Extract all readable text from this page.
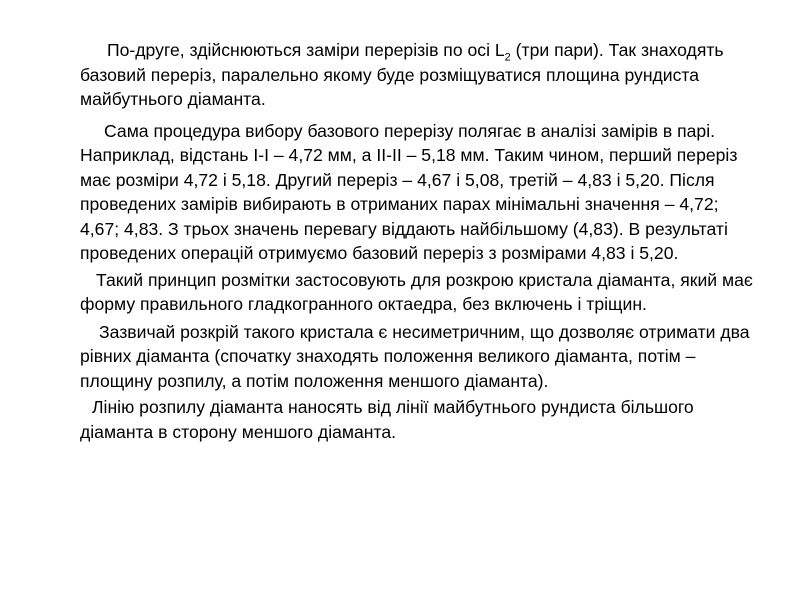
По-друге, здійснюються заміри перерізів по осі $L_2$ (три пари). Так знаходять базовий переріз, паралельно якому буде розміщуватися площина рундиста майбутнього діаманта.

Сама процедура вибору базового перерізу полягає в аналізі замірів в парі. Наприклад, відстань I-I – 4,72 мм, а II-II – 5,18 мм. Таким чином, перший переріз має розміри 4,72 і 5,18. Другий переріз – 4,67 і 5,08, третій – 4,83 і 5,20. Після проведених замірів вибирають в отриманих парах мінімальні значення – 4,72; 4,67; 4,83. З трьох значень перевагу віддають найбільшому (4,83). В результаті проведених операцій отримуємо базовий переріз з розмірами 4,83 і 5,20.

Такий принцип розмітки застосовують для розкрою кристала діаманта, який має форму правильного гладкогранного октаедра, без включень і тріщин.

Зазвичай розкрій такого кристала є несиметричним, що дозволяє отримати два рівних діаманта (спочатку знаходять положення великого діаманта, потім – площину розпилу, а потім положення меншого діаманта).

Лінію розпилу діаманта наносять від лінії майбутнього рундиста більшого діаманта в сторону меншого діаманта.
